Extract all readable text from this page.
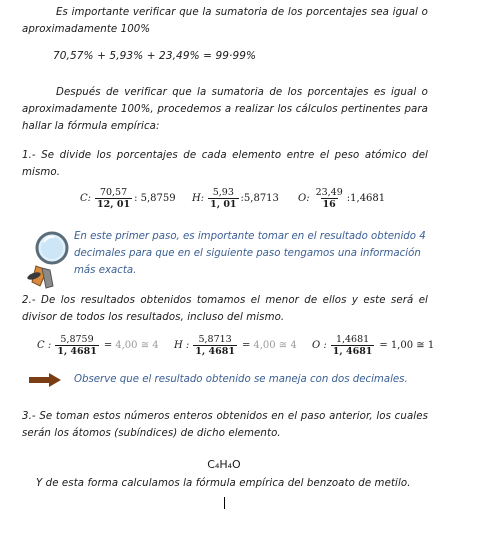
Es importante verificar que la sumatoria de los porcentajes sea igual o aproximadamente 100%
70,57% + 5,93% + 23,49% = 99·99%
Después de verificar que la sumatoria de los porcentajes es igual o aproximadamente 100%, procedemos a realizar los cálculos pertinentes para hallar la fórmula empírica:
1.- Se divide los porcentajes de cada elemento entre el peso atómico del mismo.
C: $\frac{70,57}{12, 01}$ : 5,8759 H: $\frac{5,93}{1, 01}$ :5,8713 O: $\frac{23,49}{16}$ :1,4681
En este primer paso, es importante tomar en el resultado obtenido 4 decimales para que en el siguiente paso tengamos una información más exacta.
2.- De los resultados obtenidos tomamos el menor de ellos y este será el divisor de todos los resultados, incluso del mismo.
C : $\frac{5,8759}{1, 4681} = 4,00$ ≅ 4 H : $\frac{5,8713}{1, 4681} = 4,00$ ≅ 4 O : $\frac{1,4681}{1, 4681} = 1,00$ ≅ 1
Observe que el resultado obtenido se maneja con dos decimales.
3.- Se toman estos números enteros obtenidos en el paso anterior, los cuales serán los átomos (subíndices) de dicho elemento.
C₄H₄O
Y de esta forma calculamos la fórmula empírica del benzoato de metilo.
